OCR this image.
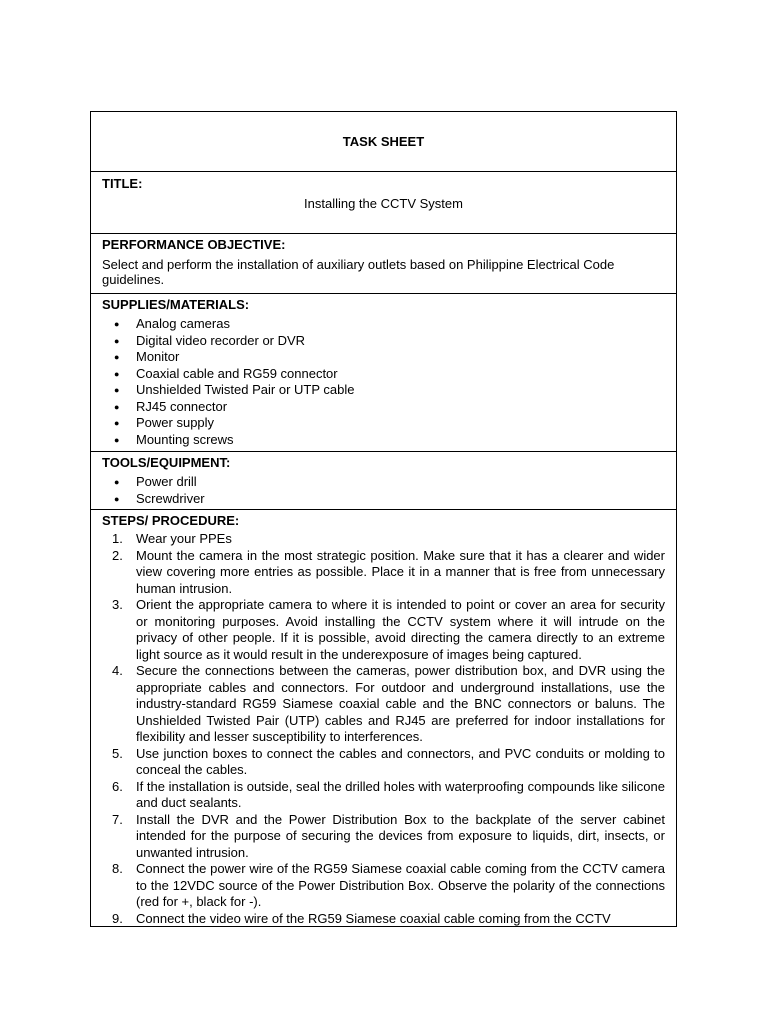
TASK SHEET
TITLE:
Installing the CCTV System
PERFORMANCE OBJECTIVE:
Select and perform the installation of auxiliary outlets based on Philippine Electrical Code guidelines.
SUPPLIES/MATERIALS:
● Analog cameras
● Digital video recorder or DVR
● Monitor
● Coaxial cable and RG59 connector
● Unshielded Twisted Pair or UTP cable
● RJ45 connector
● Power supply
● Mounting screws
TOOLS/EQUIPMENT:
● Power drill
● Screwdriver
STEPS/ PROCEDURE:
1.	Wear your PPEs
2.	Mount the camera in the most strategic position. Make sure that it has a clearer and wider view covering more entries as possible. Place it in a manner that is free from unnecessary human intrusion.
3.	Orient the appropriate camera to where it is intended to point or cover an area for security or monitoring purposes. Avoid installing the CCTV system where it will intrude on the privacy of other people. If it is possible, avoid directing the camera directly to an extreme light source as it would result in the underexposure of images being captured.
4.	Secure the connections between the cameras, power distribution box, and DVR using the appropriate cables and connectors. For outdoor and underground installations, use the industry-standard RG59 Siamese coaxial cable and the BNC connectors or baluns. The Unshielded Twisted Pair (UTP) cables and RJ45 are preferred for indoor installations for flexibility and lesser susceptibility to interferences.
5.	Use junction boxes to connect the cables and connectors, and PVC conduits or molding to conceal the cables.
6.	If the installation is outside, seal the drilled holes with waterproofing compounds like silicone and duct sealants.
7.	Install the DVR and the Power Distribution Box to the backplate of the server cabinet intended for the purpose of securing the devices from exposure to liquids, dirt, insects, or unwanted intrusion.
8.	Connect the power wire of the RG59 Siamese coaxial cable coming from the CCTV camera to the 12VDC source of the Power Distribution Box. Observe the polarity of the connections (red for +, black for -).
9.	Connect the video wire of the RG59 Siamese coaxial cable coming from the CCTV
